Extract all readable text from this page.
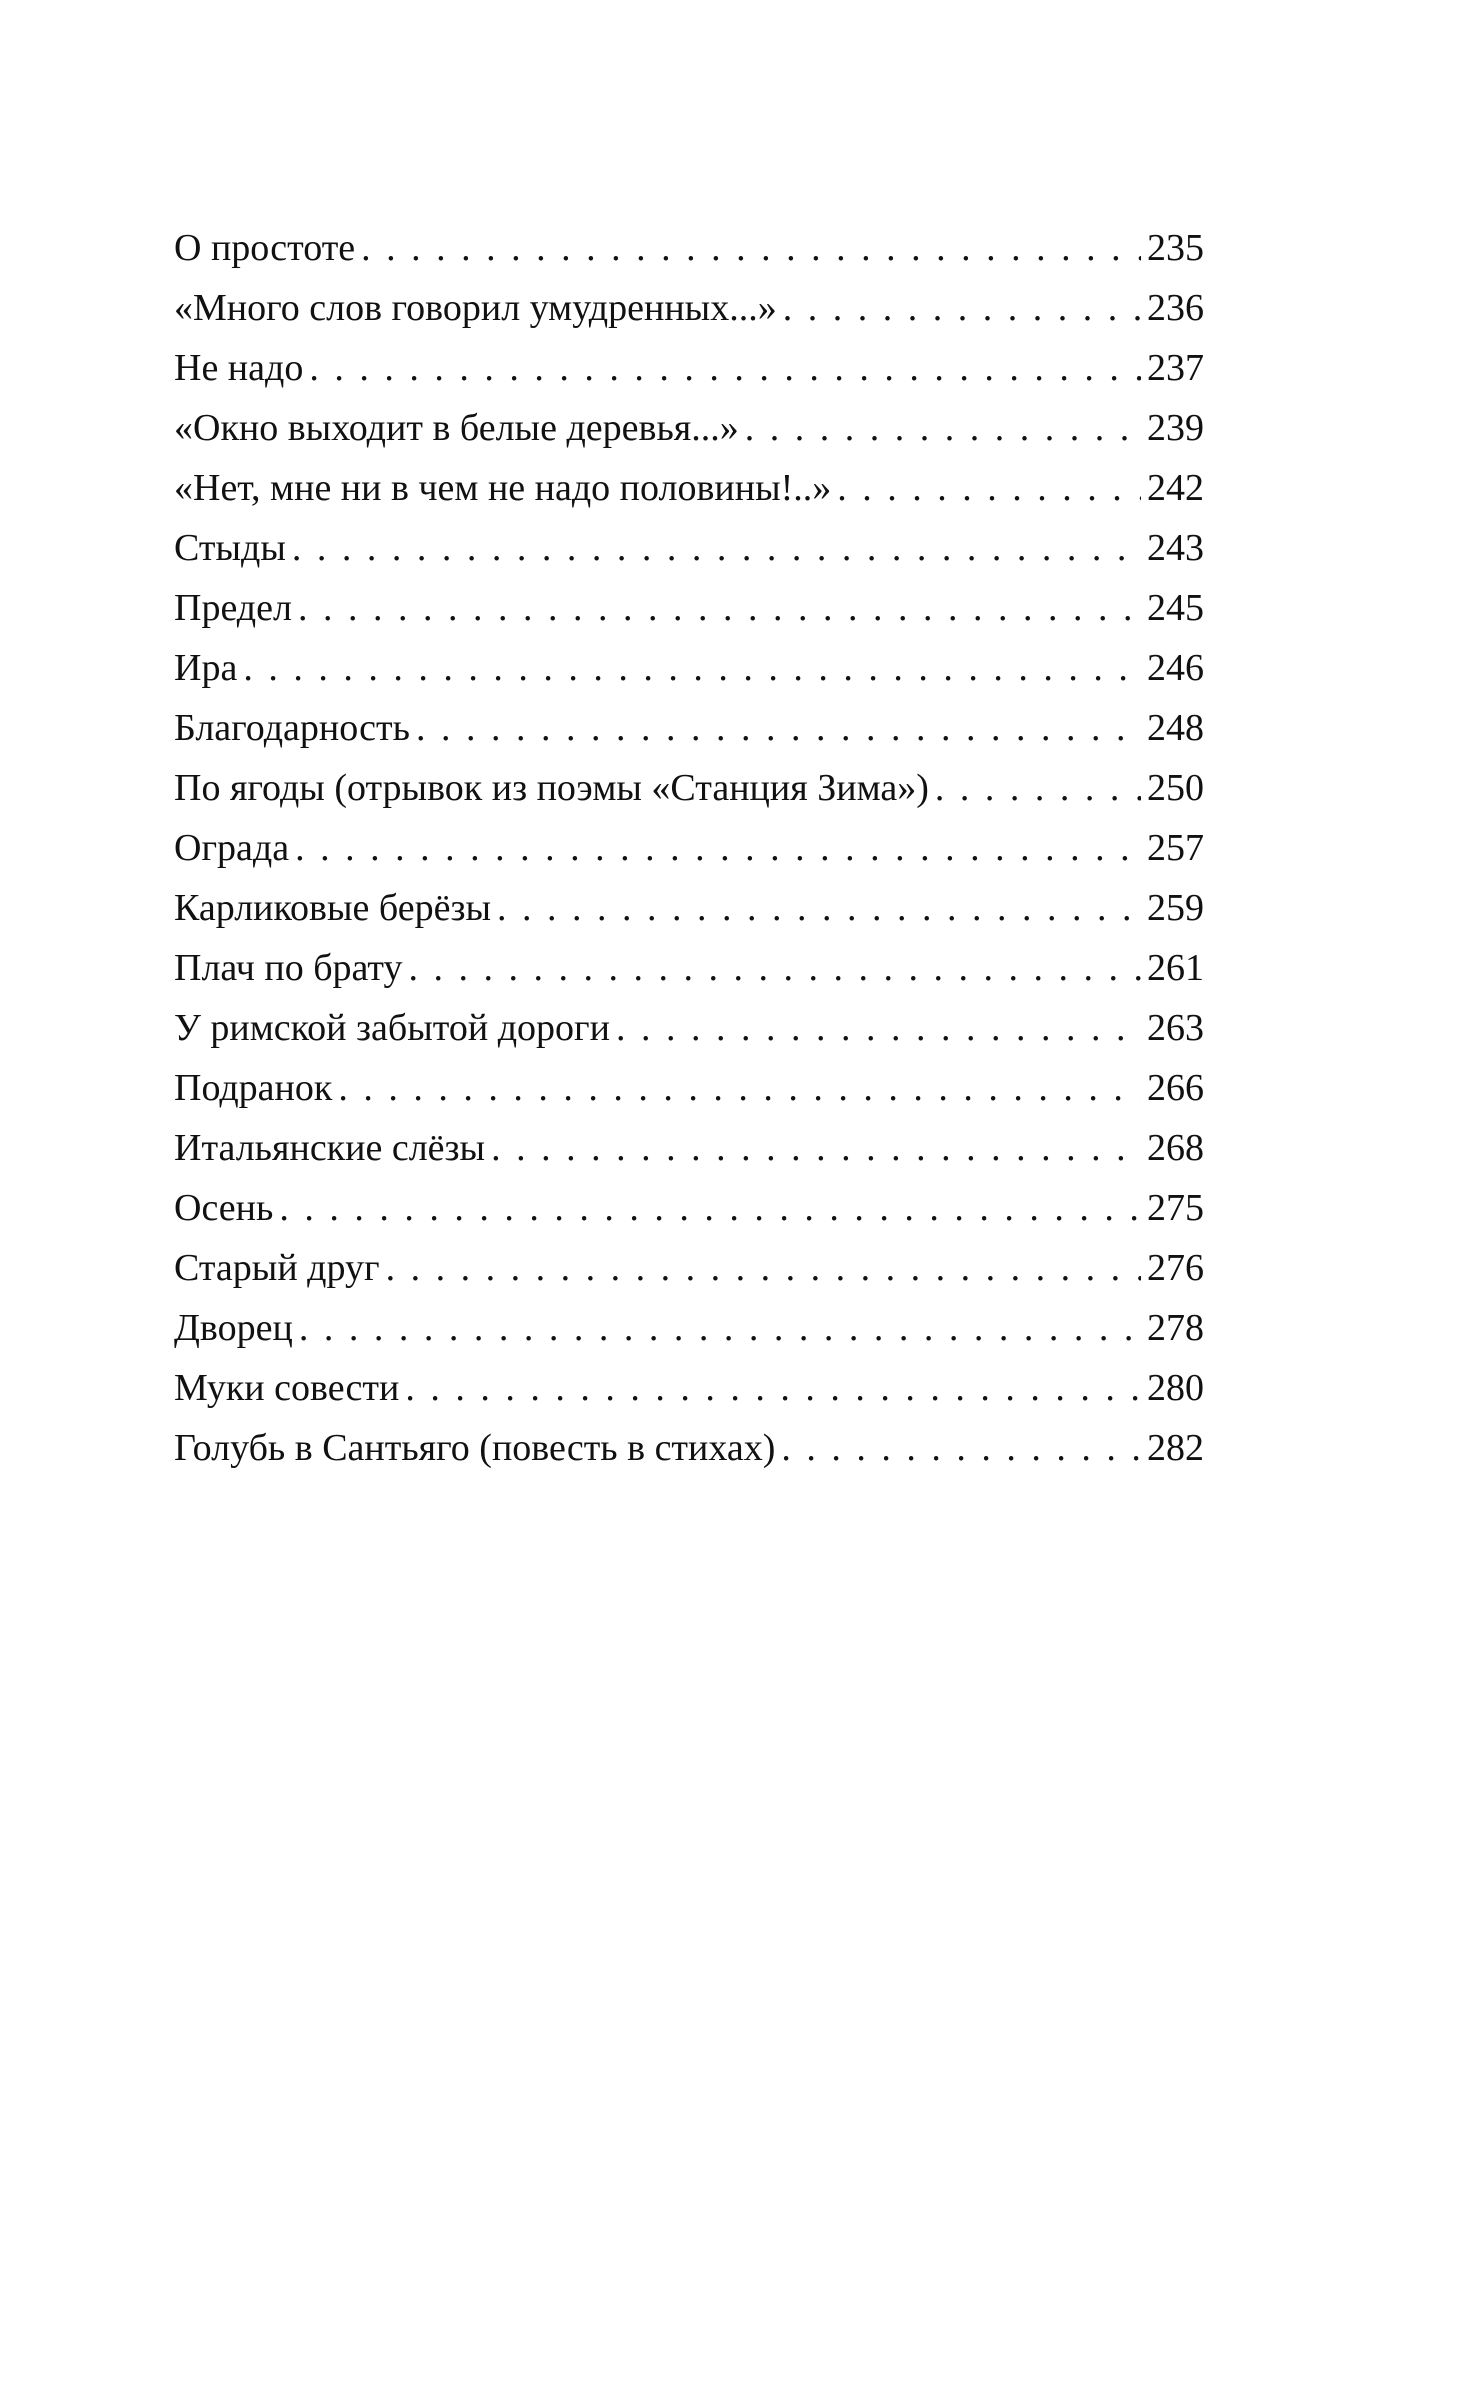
О простоте . . .	235
«Много слов говорил умудренных...» . . .	236
Не надо . . .	237
«Окно выходит в белые деревья...» . . .	239
«Нет, мне ни в чем не надо половины!..» . . .	242
Стыды . . .	243
Предел . . .	245
Ира . . .	246
Благодарность . . .	248
По ягоды (отрывок из поэмы «Станция Зима») . . .	250
Ограда . . .	257
Карликовые берёзы . . .	259
Плач по брату . . .	261
У римской забытой дороги . . .	263
Подранок . . .	266
Итальянские слёзы . . .	268
Осень . . .	275
Старый друг . . .	276
Дворец . . .	278
Муки совести . . .	280
Голубь в Сантьяго (повесть в стихах) . . .	282
